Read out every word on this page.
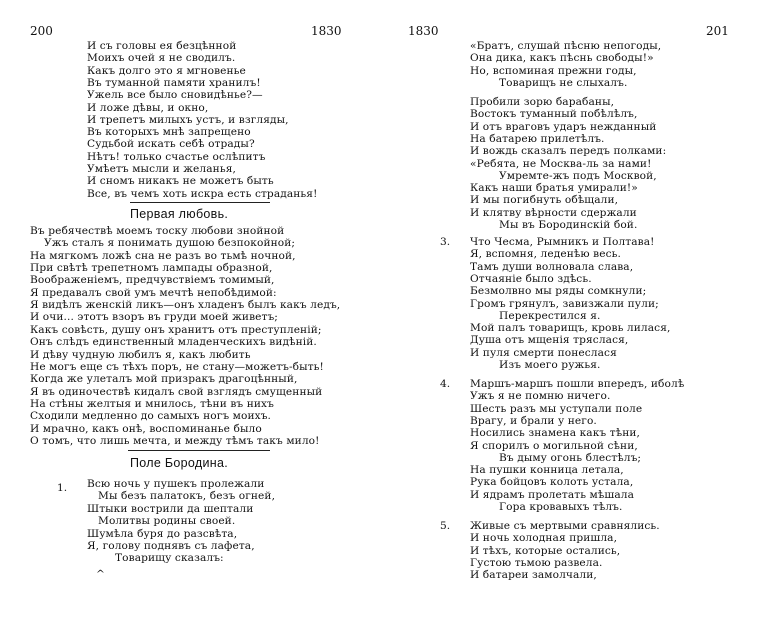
200	1830
И съ головы ея безцѣнной
Моихъ очей я не сводилъ.
Какъ долго это я мгновенье
Въ туманной памяти хранилъ!
Ужель все было сновидѣнье?—
И ложе дѣвы, и окно,
И трепетъ милыхъ устъ, и взгляды,
Въ которыхъ мнѣ запрещено
Судьбой искать себѣ отрады?
Нѣтъ! только счастье ослѣпитъ
Умѣетъ мысли и желанья,
И сномъ никакъ не можетъ быть
Все, въ чемъ хоть искра есть страданья!
Первая любовь.
Въ ребячествѣ моемъ тоску любови знойной
Ужъ сталъ я понимать душою безпокойной;
На мягкомъ ложѣ сна не разъ во тьмѣ ночной,
При свѣтѣ трепетномъ лампады образной,
Воображеніемъ, предчувствіемъ томимый,
Я предавалъ свой умъ мечтѣ непобѣдимой:
Я видѣлъ женскій ликъ—онъ хладенъ былъ какъ ледъ,
И очи... этотъ взоръ въ груди моей живетъ;
Какъ совѣсть, душу онъ хранитъ отъ преступленій;
Онъ слѣдъ единственный младенческихъ видѣній.
И дѣву чудную любилъ я, какъ любить
Не могъ еще съ тѣхъ поръ, не стану—можетъ-быть!
Когда же улеталъ мой призракъ драгоцѣнный,
Я въ одиночествѣ кидалъ свой взглядъ смущенный
На стѣны желтыя и мнилось, тѣни въ нихъ
Сходили медленно до самыхъ ногъ моихъ.
И мрачно, какъ онѣ, воспоминанье было
О томъ, что лишь мечта, и между тѣмъ такъ мило!
Поле Бородина.
1. Всю ночь у пушекъ пролежали
Мы безъ палатокъ, безъ огней,
Штыки вострили да шептали
Молитвы родины своей.
Шумѣла буря до разсвѣта,
Я, голову поднявъ съ лафета,
Товарищу сказалъ:
^
1830	201
«Братъ, слушай пѣсню непогоды,
Она дика, какъ пѣснь свободы!»
Но, вспоминая прежни годы,
Товарищъ не слыхалъ.
Пробили зорю барабаны,
Востокъ туманный побѣлѣлъ,
И отъ враговъ ударъ нежданный
На батарею прилетѣлъ.
И вождь сказалъ передъ полками:
«Ребята, не Москва-ль за нами!
Умремте-жъ подъ Москвой,
Какъ наши братья умирали!»
И мы погибнуть обѣщали,
И клятву вѣрности сдержали
Мы въ Бородинскій бой.
3. Что Чесма, Рымникъ и Полтава!
Я, вспомня, леденѣю весь.
Тамъ души волновала слава,
Отчаяніе было здѣсь.
Безмолвно мы ряды сомкнули;
Громъ грянулъ, завизжали пули;
Перекрестился я.
Мой палъ товарищъ, кровь лилася,
Душа отъ мщенія тряслася,
И пуля смерти понеслася
Изъ моего ружья.
4. Маршъ-маршъ пошли впередъ, иболѣ
Ужъ я не помню ничего.
Шесть разъ мы уступали поле
Врагу, и брали у него.
Носились знамена какъ тѣни,
Я спорилъ о могильной сѣни,
Въ дыму огонь блестѣлъ;
На пушки конница летала,
Рука бойцовъ колоть устала,
И ядрамъ пролетать мѣшала
Гора кровавыхъ тѣлъ.
5. Живые съ мертвыми сравнялись.
И ночь холодная пришла,
И тѣхъ, которые остались,
Густою тьмою развела.
И батареи замолчали,
